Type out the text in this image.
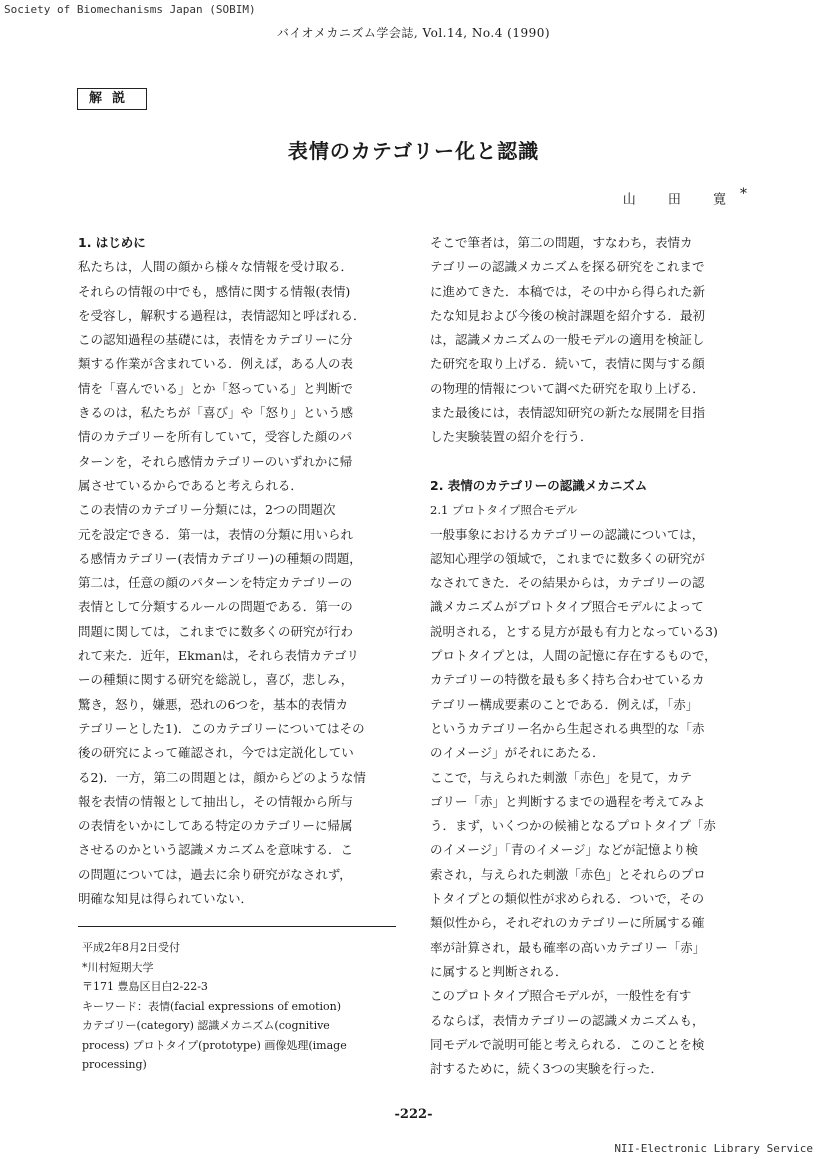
Society of Biomechanisms Japan (SOBIM)
バイオメカニズム学会誌, Vol.14, No.4 (1990)
解説
表情のカテゴリー化と認識
山 田 寛*
1. はじめに
私たちは，人間の顔から様々な情報を受け取る．
それらの情報の中でも，感情に関する情報(表情)
を受容し，解釈する過程は，表情認知と呼ばれる．
この認知過程の基礎には，表情をカテゴリーに分
類する作業が含まれている．例えば，ある人の表
情を「喜んでいる」とか「怒っている」と判断で
きるのは，私たちが「喜び」や「怒り」という感
情のカテゴリーを所有していて，受容した顔のパ
ターンを，それら感情カテゴリーのいずれかに帰
属させているからであると考えられる．
この表情のカテゴリー分類には，2つの問題次
元を設定できる．第一は，表情の分類に用いられ
る感情カテゴリー(表情カテゴリー)の種類の問題，
第二は，任意の顔のパターンを特定カテゴリーの
表情として分類するルールの問題である．第一の
問題に関しては，これまでに数多くの研究が行わ
れて来た．近年，Ekmanは，それら表情カテゴリ
ーの種類に関する研究を総説し，喜び，悲しみ，
驚き，怒り，嫌悪，恐れの6つを，基本的表情カ
テゴリーとした1)．このカテゴリーについてはその
後の研究によって確認され，今では定説化してい
る2)．一方，第二の問題とは，顔からどのような情
報を表情の情報として抽出し，その情報から所与
の表情をいかにしてある特定のカテゴリーに帰属
させるのかという認識メカニズムを意味する．こ
の問題については，過去に余り研究がなされず，
明確な知見は得られていない．
そこで筆者は，第二の問題，すなわち，表情カ
テゴリーの認識メカニズムを探る研究をこれまで
に進めてきた．本稿では，その中から得られた新
たな知見および今後の検討課題を紹介する．最初
は，認識メカニズムの一般モデルの適用を検証し
た研究を取り上げる．続いて，表情に関与する顔
の物理的情報について調べた研究を取り上げる．
また最後には，表情認知研究の新たな展開を目指
した実験装置の紹介を行う．
2. 表情のカテゴリーの認識メカニズム
2.1 プロトタイプ照合モデル
一般事象におけるカテゴリーの認識については，
認知心理学の領域で，これまでに数多くの研究が
なされてきた．その結果からは，カテゴリーの認
識メカニズムがプロトタイプ照合モデルによって
説明される，とする見方が最も有力となっている3)
プロトタイプとは，人間の記憶に存在するもので，
カテゴリーの特徴を最も多く持ち合わせているカ
テゴリー構成要素のことである．例えば，「赤」
というカテゴリー名から生起される典型的な「赤
のイメージ」がそれにあたる．
ここで，与えられた刺激「赤色」を見て，カテ
ゴリー「赤」と判断するまでの過程を考えてみよ
う．まず，いくつかの候補となるプロトタイプ「赤
のイメージ」「青のイメージ」などが記憶より検
索され，与えられた刺激「赤色」とそれらのプロ
トタイプとの類似性が求められる．ついで，その
類似性から，それぞれのカテゴリーに所属する確
率が計算され，最も確率の高いカテゴリー「赤」
に属すると判断される．
このプロトタイプ照合モデルが，一般性を有す
るならば，表情カテゴリーの認識メカニズムも，
同モデルで説明可能と考えられる．このことを検
討するために，続く3つの実験を行った．
平成2年8月2日受付
*川村短期大学
〒171 豊島区目白2-22-3
キーワード：表情(facial expressions of emotion)
カテゴリー(category) 認識メカニズム(cognitive
process) プロトタイプ(prototype) 画像処理(image
processing)
-222-
NII-Electronic Library Service
